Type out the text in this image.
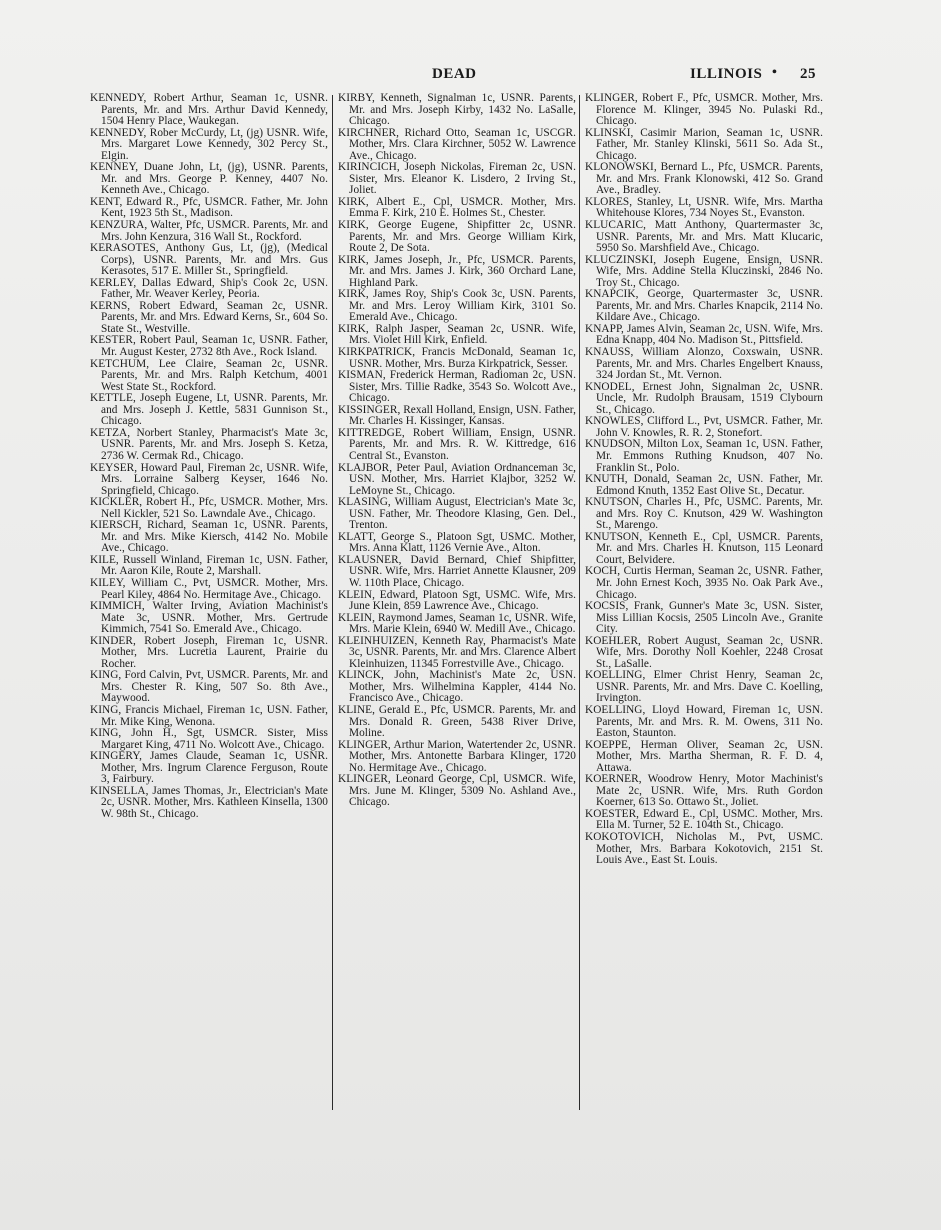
DEAD	ILLINOIS • 25

KENNEDY, Robert Arthur, Seaman 1c, USNR. Parents, Mr. and Mrs. Arthur David Kennedy, 1504 Henry Place, Waukegan.

KENNEDY, Rober McCurdy, Lt, (jg) USNR. Wife, Mrs. Margaret Lowe Kennedy, 302 Percy St., Elgin.

KENNEY, Duane John, Lt, (jg), USNR. Parents, Mr. and Mrs. George P. Kenney, 4407 No. Kenneth Ave., Chicago.

KENT, Edward R., Pfc, USMCR. Father, Mr. John Kent, 1923 5th St., Madison.

KENZURA, Walter, Pfc, USMCR. Parents, Mr. and Mrs. John Kenzura, 316 Wall St., Rockford.

KERASOTES, Anthony Gus, Lt, (jg), (Medical Corps), USNR. Parents, Mr. and Mrs. Gus Kerasotes, 517 E. Miller St., Springfield.

KERLEY, Dallas Edward, Ship's Cook 2c, USN. Father, Mr. Weaver Kerley, Peoria.

KERNS, Robert Edward, Seaman 2c, USNR. Parents, Mr. and Mrs. Edward Kerns, Sr., 604 So. State St., Westville.

KESTER, Robert Paul, Seaman 1c, USNR. Father, Mr. August Kester, 2732 8th Ave., Rock Island.

KETCHUM, Lee Claire, Seaman 2c, USNR. Parents, Mr. and Mrs. Ralph Ketchum, 4001 West State St., Rockford.

KETTLE, Joseph Eugene, Lt, USNR. Parents, Mr. and Mrs. Joseph J. Kettle, 5831 Gunnison St., Chicago.

KETZA, Norbert Stanley, Pharmacist's Mate 3c, USNR. Parents, Mr. and Mrs. Joseph S. Ketza, 2736 W. Cermak Rd., Chicago.

KEYSER, Howard Paul, Fireman 2c, USNR. Wife, Mrs. Lorraine Salberg Keyser, 1646 No. Springfield, Chicago.

KICKLER, Robert H., Pfc, USMCR. Mother, Mrs. Nell Kickler, 521 So. Lawndale Ave., Chicago.

KIERSCH, Richard, Seaman 1c, USNR. Parents, Mr. and Mrs. Mike Kiersch, 4142 No. Mobile Ave., Chicago.

KILE, Russell Winland, Fireman 1c, USN. Father, Mr. Aaron Kile, Route 2, Marshall.

KILEY, William C., Pvt, USMCR. Mother, Mrs. Pearl Kiley, 4864 No. Hermitage Ave., Chicago.

KIMMICH, Walter Irving, Aviation Machinist's Mate 3c, USNR. Mother, Mrs. Gertrude Kimmich, 7541 So. Emerald Ave., Chicago.

KINDER, Robert Joseph, Fireman 1c, USNR. Mother, Mrs. Lucretia Laurent, Prairie du Rocher.

KING, Ford Calvin, Pvt, USMCR. Parents, Mr. and Mrs. Chester R. King, 507 So. 8th Ave., Maywood.

KING, Francis Michael, Fireman 1c, USN. Father, Mr. Mike King, Wenona.

KING, John H., Sgt, USMCR. Sister, Miss Margaret King, 4711 No. Wolcott Ave., Chicago.

KINGERY, James Claude, Seaman 1c, USNR. Mother, Mrs. Ingrum Clarence Ferguson, Route 3, Fairbury.

KINSELLA, James Thomas, Jr., Electrician's Mate 2c, USNR. Mother, Mrs. Kathleen Kinsella, 1300 W. 98th St., Chicago.

KIRBY, Kenneth, Signalman 1c, USNR. Parents, Mr. and Mrs. Joseph Kirby, 1432 No. LaSalle, Chicago.

KIRCHNER, Richard Otto, Seaman 1c, USCGR. Mother, Mrs. Clara Kirchner, 5052 W. Lawrence Ave., Chicago.

KIRINCICH, Joseph Nickolas, Fireman 2c, USN. Sister, Mrs. Eleanor K. Lisdero, 2 Irving St., Joliet.

KIRK, Albert E., Cpl, USMCR. Mother, Mrs. Emma F. Kirk, 210 E. Holmes St., Chester.

KIRK, George Eugene, Shipfitter 2c, USNR. Parents, Mr. and Mrs. George William Kirk, Route 2, De Sota.

KIRK, James Joseph, Jr., Pfc, USMCR. Parents, Mr. and Mrs. James J. Kirk, 360 Orchard Lane, Highland Park.

KIRK, James Roy, Ship's Cook 3c, USN. Parents, Mr. and Mrs. Leroy William Kirk, 3101 So. Emerald Ave., Chicago.

KIRK, Ralph Jasper, Seaman 2c, USNR. Wife, Mrs. Violet Hill Kirk, Enfield.

KIRKPATRICK, Francis McDonald, Seaman 1c, USNR. Mother, Mrs. Burza Kirkpatrick, Sesser.

KISMAN, Frederick Herman, Radioman 2c, USN. Sister, Mrs. Tillie Radke, 3543 So. Wolcott Ave., Chicago.

KISSINGER, Rexall Holland, Ensign, USN. Father, Mr. Charles H. Kissinger, Kansas.

KITTREDGE, Robert William, Ensign, USNR. Parents, Mr. and Mrs. R. W. Kittredge, 616 Central St., Evanston.

KLAJBOR, Peter Paul, Aviation Ordnanceman 3c, USN. Mother, Mrs. Harriet Klajbor, 3252 W. LeMoyne St., Chicago.

KLASING, William August, Electrician's Mate 3c, USN. Father, Mr. Theodore Klasing, Gen. Del., Trenton.

KLATT, George S., Platoon Sgt, USMC. Mother, Mrs. Anna Klatt, 1126 Vernie Ave., Alton.

KLAUSNER, David Bernard, Chief Shipfitter, USNR. Wife, Mrs. Harriet Annette Klausner, 209 W. 110th Place, Chicago.

KLEIN, Edward, Platoon Sgt, USMC. Wife, Mrs. June Klein, 859 Lawrence Ave., Chicago.

KLEIN, Raymond James, Seaman 1c, USNR. Wife, Mrs. Marie Klein, 6940 W. Medill Ave., Chicago.

KLEINHUIZEN, Kenneth Ray, Pharmacist's Mate 3c, USNR. Parents, Mr. and Mrs. Clarence Albert Kleinhuizen, 11345 Forrestville Ave., Chicago.

KLINCK, John, Machinist's Mate 2c, USN. Mother, Mrs. Wilhelmina Kappler, 4144 No. Francisco Ave., Chicago.

KLINE, Gerald E., Pfc, USMCR. Parents, Mr. and Mrs. Donald R. Green, 5438 River Drive, Moline.

KLINGER, Arthur Marion, Watertender 2c, USNR. Mother, Mrs. Antonette Barbara Klinger, 1720 No. Hermitage Ave., Chicago.

KLINGER, Leonard George, Cpl, USMCR. Wife, Mrs. June M. Klinger, 5309 No. Ashland Ave., Chicago.

KLINGER, Robert F., Pfc, USMCR. Mother, Mrs. Florence M. Klinger, 3945 No. Pulaski Rd., Chicago.

KLINSKI, Casimir Marion, Seaman 1c, USNR. Father, Mr. Stanley Klinski, 5611 So. Ada St., Chicago.

KLONOWSKI, Bernard L., Pfc, USMCR. Parents, Mr. and Mrs. Frank Klonowski, 412 So. Grand Ave., Bradley.

KLORES, Stanley, Lt, USNR. Wife, Mrs. Martha Whitehouse Klores, 734 Noyes St., Evanston.

KLUCARIC, Matt Anthony, Quartermaster 3c, USNR. Parents, Mr. and Mrs. Matt Klucaric, 5950 So. Marshfield Ave., Chicago.

KLUCZINSKI, Joseph Eugene, Ensign, USNR. Wife, Mrs. Addine Stella Kluczinski, 2846 No. Troy St., Chicago.

KNAPCIK, George, Quartermaster 3c, USNR. Parents, Mr. and Mrs. Charles Knapcik, 2114 No. Kildare Ave., Chicago.

KNAPP, James Alvin, Seaman 2c, USN. Wife, Mrs. Edna Knapp, 404 No. Madison St., Pittsfield.

KNAUSS, William Alonzo, Coxswain, USNR. Parents, Mr. and Mrs. Charles Engelbert Knauss, 324 Jordan St., Mt. Vernon.

KNODEL, Ernest John, Signalman 2c, USNR. Uncle, Mr. Rudolph Brausam, 1519 Clybourn St., Chicago.

KNOWLES, Clifford L., Pvt, USMCR. Father, Mr. John V. Knowles, R. R. 2, Stonefort.

KNUDSON, Milton Lox, Seaman 1c, USN. Father, Mr. Emmons Ruthing Knudson, 407 No. Franklin St., Polo.

KNUTH, Donald, Seaman 2c, USN. Father, Mr. Edmond Knuth, 1352 East Olive St., Decatur.

KNUTSON, Charles H., Pfc, USMC. Parents, Mr. and Mrs. Roy C. Knutson, 429 W. Washington St., Marengo.

KNUTSON, Kenneth E., Cpl, USMCR. Parents, Mr. and Mrs. Charles H. Knutson, 115 Leonard Court, Belvidere.

KOCH, Curtis Herman, Seaman 2c, USNR. Father, Mr. John Ernest Koch, 3935 No. Oak Park Ave., Chicago.

KOCSIS, Frank, Gunner's Mate 3c, USN. Sister, Miss Lillian Kocsis, 2505 Lincoln Ave., Granite City.

KOEHLER, Robert August, Seaman 2c, USNR. Wife, Mrs. Dorothy Noll Koehler, 2248 Crosat St., LaSalle.

KOELLING, Elmer Christ Henry, Seaman 2c, USNR. Parents, Mr. and Mrs. Dave C. Koelling, Irvington.

KOELLING, Lloyd Howard, Fireman 1c, USN. Parents, Mr. and Mrs. R. M. Owens, 311 No. Easton, Staunton.

KOEPPE, Herman Oliver, Seaman 2c, USN. Mother, Mrs. Martha Sherman, R. F. D. 4, Attawa.

KOERNER, Woodrow Henry, Motor Machinist's Mate 2c, USNR. Wife, Mrs. Ruth Gordon Koerner, 613 So. Ottawo St., Joliet.

KOESTER, Edward E., Cpl, USMC. Mother, Mrs. Ella M. Turner, 52 E. 104th St., Chicago.

KOKOTOVICH, Nicholas M., Pvt, USMC. Mother, Mrs. Barbara Kokotovich, 2151 St. Louis Ave., East St. Louis.
